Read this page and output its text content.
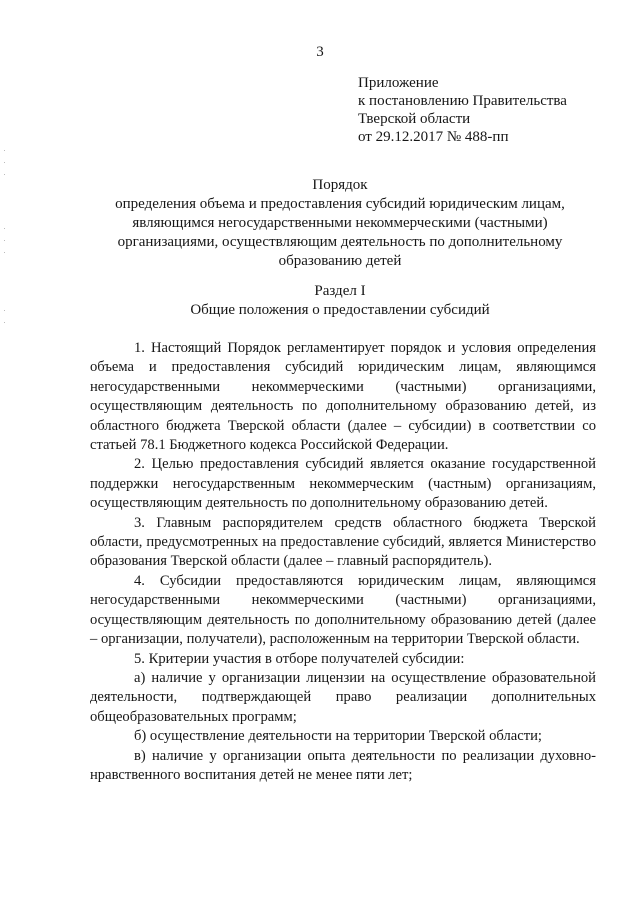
3
Приложение
к постановлению Правительства
Тверской области
от 29.12.2017 № 488-пп
Порядок
определения объема и предоставления субсидий юридическим лицам,
являющимся негосударственными некоммерческими (частными)
организациями, осуществляющим деятельность по дополнительному
образованию детей
Раздел I
Общие положения о предоставлении субсидий

1. Настоящий Порядок регламентирует порядок и условия определения объема и предоставления субсидий юридическим лицам, являющимся негосударственными некоммерческими (частными) организациями, осуществляющим деятельность по дополнительному образованию детей, из областного бюджета Тверской области (далее – субсидии) в соответствии со статьей 78.1 Бюджетного кодекса Российской Федерации.

2. Целью предоставления субсидий является оказание государственной поддержки негосударственным некоммерческим (частным) организациям, осуществляющим деятельность по дополнительному образованию детей.

3. Главным распорядителем средств областного бюджета Тверской области, предусмотренных на предоставление субсидий, является Министерство образования Тверской области (далее – главный распорядитель).

4. Субсидии предоставляются юридическим лицам, являющимся негосударственными некоммерческими (частными) организациями, осуществляющим деятельность по дополнительному образованию детей (далее – организации, получатели), расположенным на территории Тверской области.

5. Критерии участия в отборе получателей субсидии:

а) наличие у организации лицензии на осуществление образовательной деятельности, подтверждающей право реализации дополнительных общеобразовательных программ;

б) осуществление деятельности на территории Тверской области;

в) наличие у организации опыта деятельности по реализации духовно-нравственного воспитания детей не менее пяти лет;
